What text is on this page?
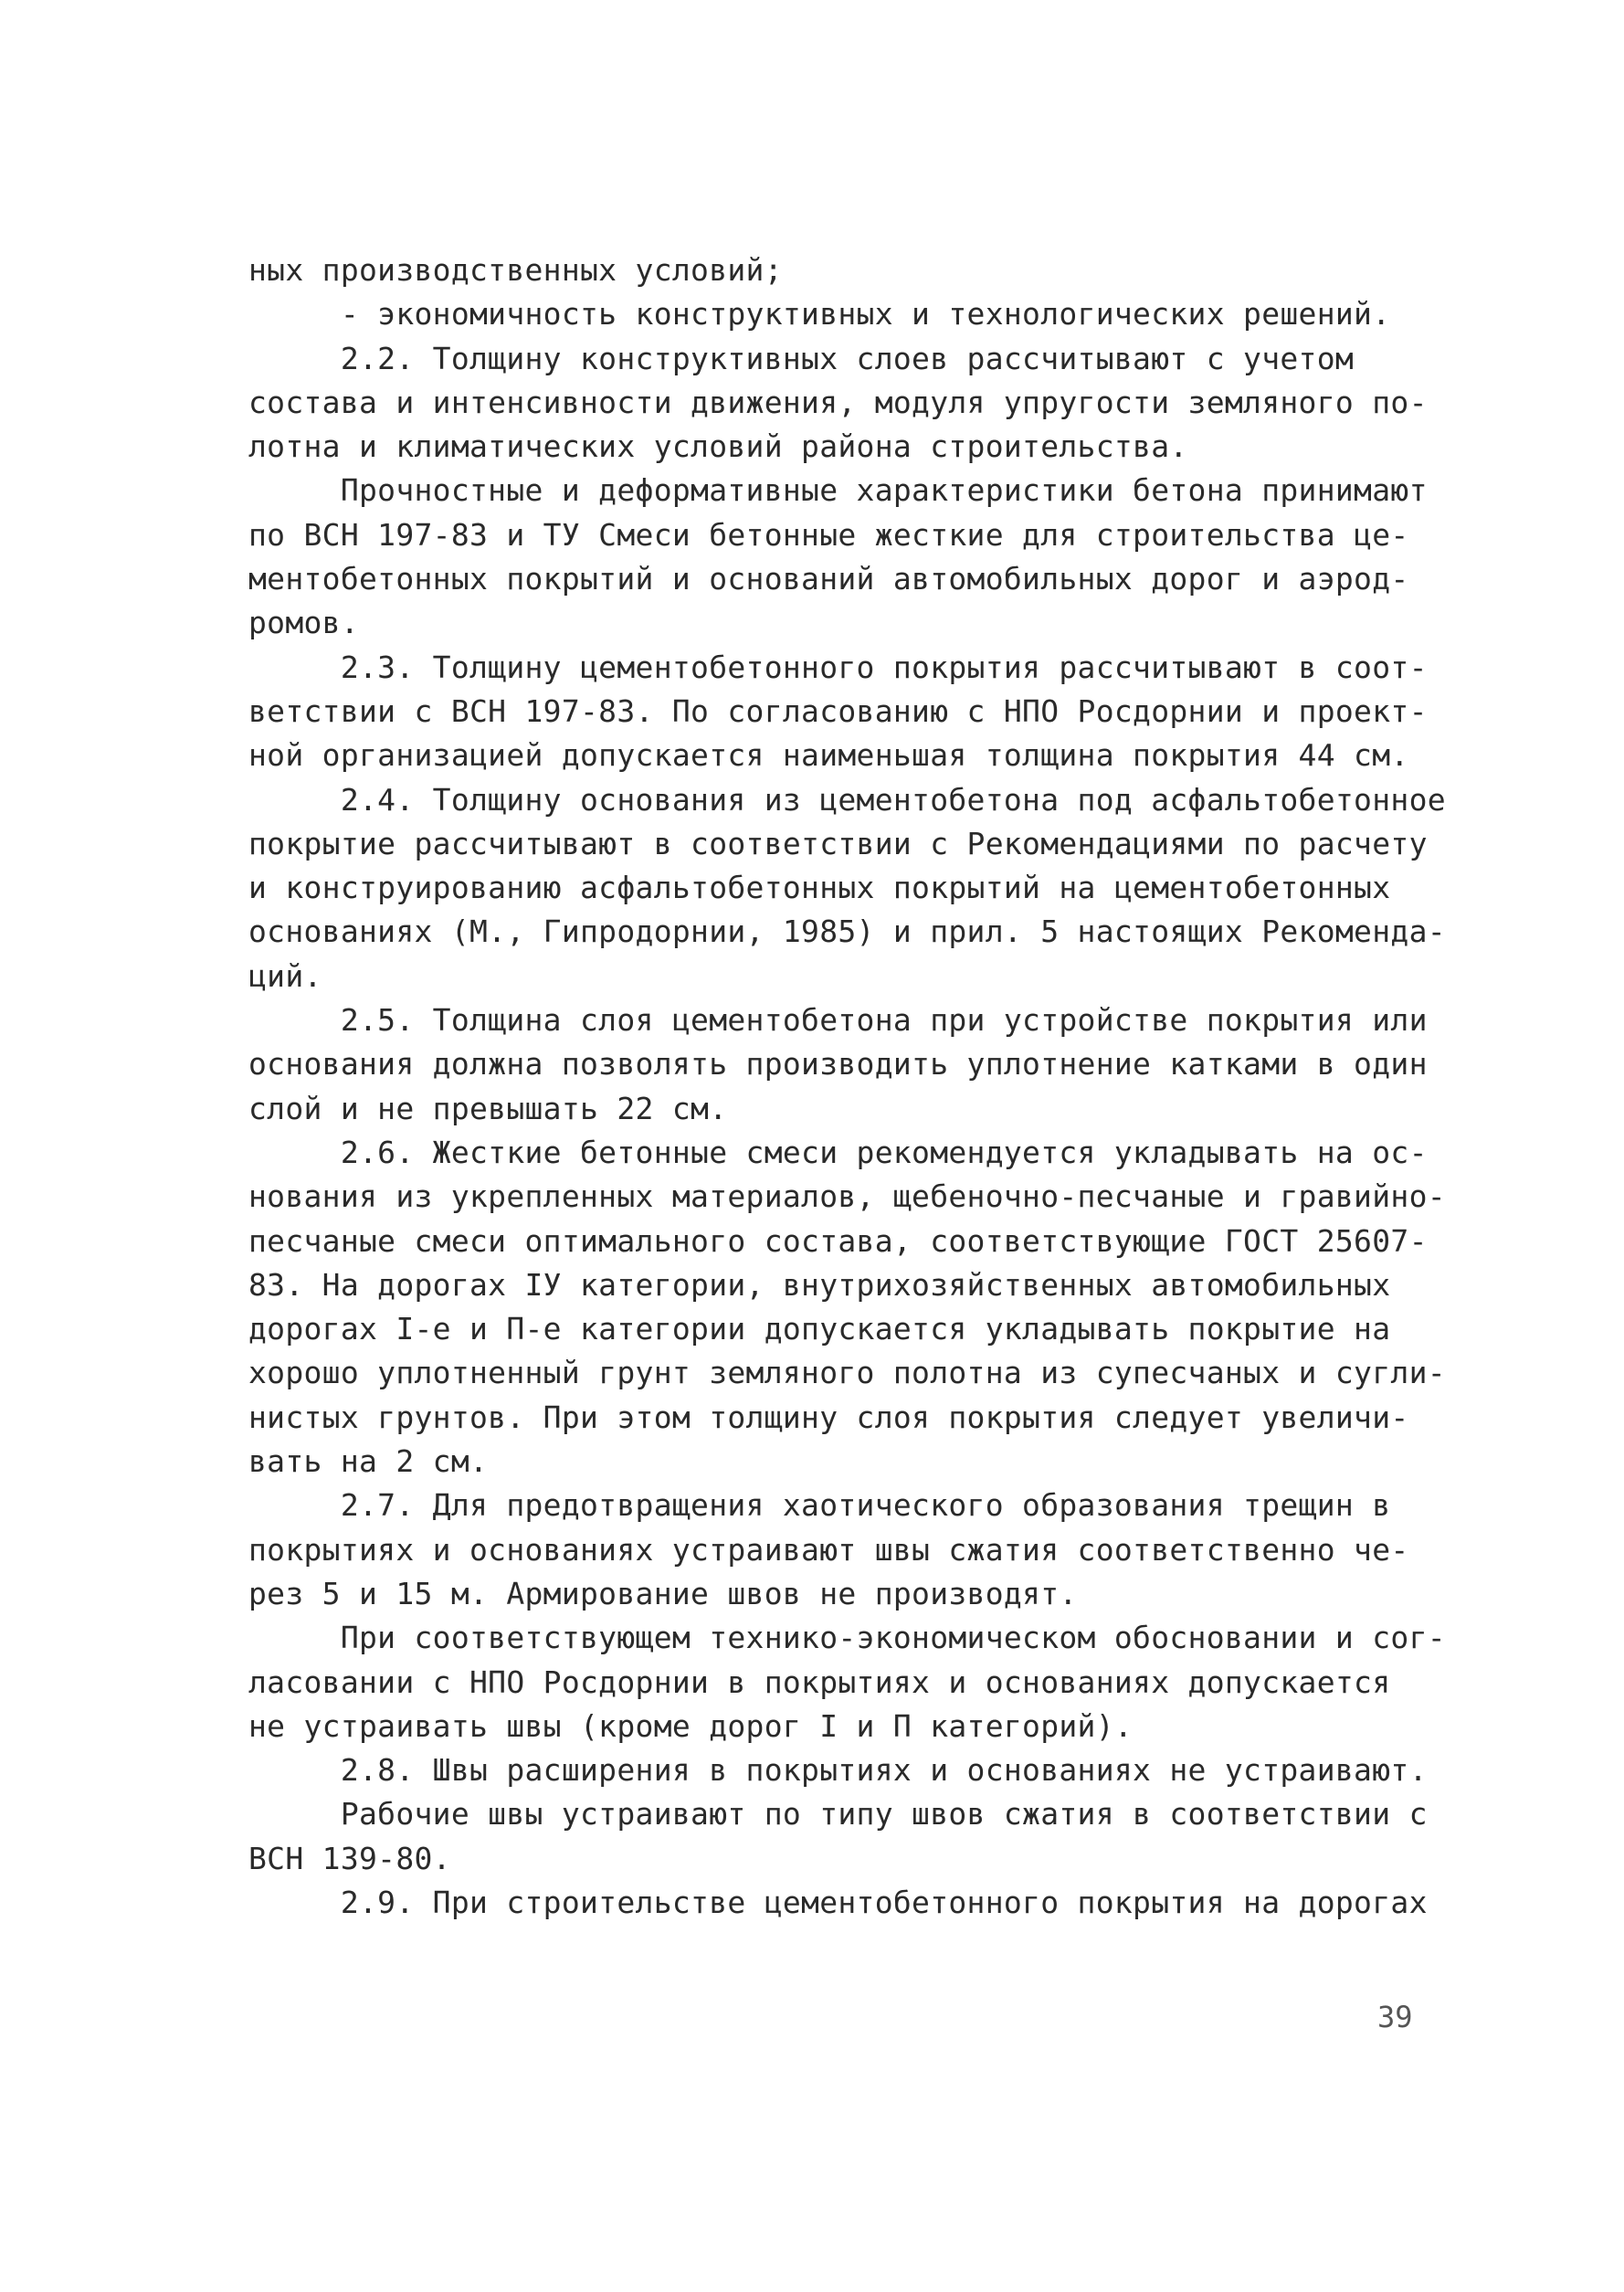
ных производственных условий;
- экономичность конструктивных и технологических решений.
2.2. Толщину конструктивных слоев рассчитывают с учетом
состава и интенсивности движения, модуля упругости земляного по-
лотна и климатических условий района строительства.
Прочностные и деформативные характеристики бетона принимают
по ВСН 197-83 и ТУ Смеси бетонные жесткие для строительства це-
ментобетонных покрытий и оснований автомобильных дорог и аэрод-
ромов.
2.3. Толщину цементобетонного покрытия рассчитывают в соот-
ветствии с ВСН 197-83. По согласованию с НПО Росдорнии и проект-
ной организацией допускается наименьшая толщина покрытия 44 см.
2.4. Толщину основания из цементобетона под асфальтобетонное
покрытие рассчитывают в соответствии с Рекомендациями по расчету
и конструированию асфальтобетонных покрытий на цементобетонных
основаниях (М., Гипродорнии, 1985) и прил. 5 настоящих Рекоменда-
ций.
2.5. Толщина слоя цементобетона при устройстве покрытия или
основания должна позволять производить уплотнение катками в один
слой и не превышать 22 см.
2.6. Жесткие бетонные смеси рекомендуется укладывать на ос-
нования из укрепленных материалов, щебеночно-песчаные и гравийно-
песчаные смеси оптимального состава, соответствующие ГОСТ 25607-
83. На дорогах IУ категории, внутрихозяйственных автомобильных
дорогах I-е и П-е категории допускается укладывать покрытие на
хорошо уплотненный грунт земляного полотна из супесчаных и сугли-
нистых грунтов. При этом толщину слоя покрытия следует увеличи-
вать на 2 см.
2.7. Для предотвращения хаотического образования трещин в
покрытиях и основаниях устраивают швы сжатия соответственно че-
рез 5 и 15 м. Армирование швов не производят.
При соответствующем технико-экономическом обосновании и сог-
ласовании с НПО Росдорнии в покрытиях и основаниях допускается
не устраивать швы (кроме дорог I и П категорий).
2.8. Швы расширения в покрытиях и основаниях не устраивают.
Рабочие швы устраивают по типу швов сжатия в соответствии с
ВСН 139-80.
2.9. При строительстве цементобетонного покрытия на дорогах
39
